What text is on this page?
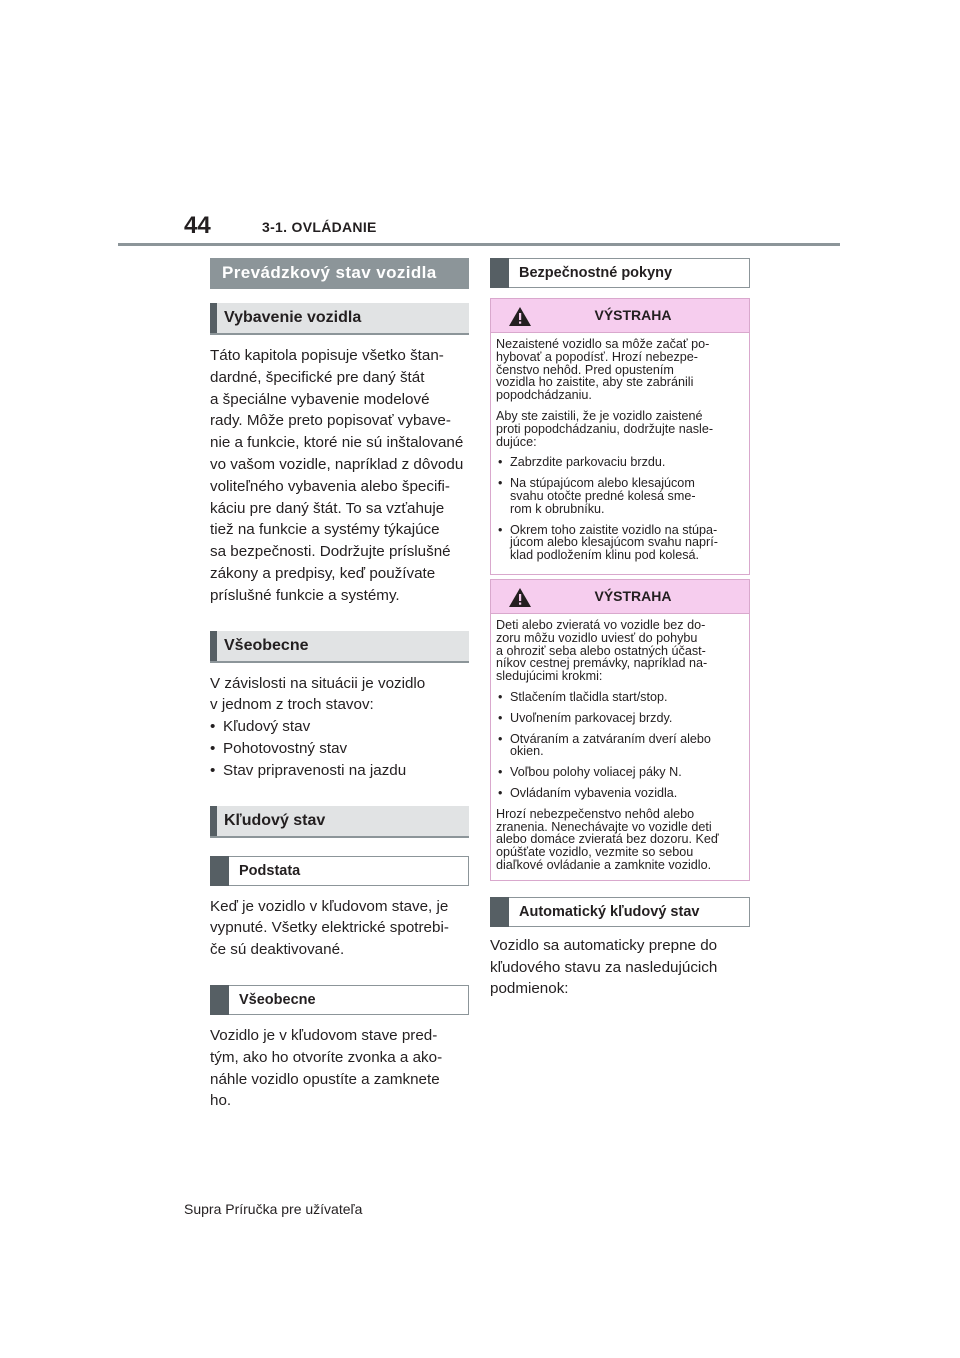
44	3-1. OVLÁDANIE
Prevádzkový stav vozidla
Vybavenie vozidla
Táto kapitola popisuje všetko štan-
dardné, špecifické pre daný štát
a špeciálne vybavenie modelové
rady. Môže preto popisovať vybave-
nie a funkcie, ktoré nie sú inštalované
vo vašom vozidle, napríklad z dôvodu
voliteľného vybavenia alebo špecifi-
káciu pre daný štát. To sa vzťahuje
tiež na funkcie a systémy týkajúce
sa bezpečnosti. Dodržujte príslušné
zákony a predpisy, keď používate
príslušné funkcie a systémy.
Všeobecne
V závislosti na situácii je vozidlo
v jednom z troch stavov:
• Kľudový stav
• Pohotovostný stav
• Stav pripravenosti na jazdu
Kľudový stav
Podstata
Keď je vozidlo v kľudovom stave, je
vypnuté. Všetky elektrické spotrebi-
če sú deaktivované.
Všeobecne
Vozidlo je v kľudovom stave pred-
tým, ako ho otvoríte zvonka a ako-
náhle vozidlo opustíte a zamknete
ho.
Bezpečnostné pokyny
VÝSTRAHA

Nezaistené vozidlo sa môže začať po-
hybovať a popodísť. Hrozí nebezpe-
čenstvo nehôd. Pred opustením
vozidla ho zaistite, aby ste zabránili
popodchádzaniu.

Aby ste zaistili, že je vozidlo zaistené
proti popodchádzaniu, dodržujte nasle-
dujúce:

• Zabrzdite parkovaciu brzdu.
• Na stúpajúcom alebo klesajúcom
svahu otočte predné kolesá sme-
rom k obrubníku.
• Okrem toho zaistite vozidlo na stúpa-
júcom alebo klesajúcom svahu naprí-
klad podložením klinu pod kolesá.
VÝSTRAHA

Deti alebo zvieratá vo vozidle bez do-
zoru môžu vozidlo uviesť do pohybu
a ohroziť seba alebo ostatných účast-
níkov cestnej premávky, napríklad na-
sledujúcimi krokmi:

• Stlačením tlačidla start/stop.
• Uvoľnením parkovacej brzdy.
• Otváraním a zatváraním dverí alebo
okien.
• Voľbou polohy voliacej páky N.
• Ovládaním vybavenia vozidla.

Hrozí nebezpečenstvo nehôd alebo
zranenia. Nenechávajte vo vozidle deti
alebo domáce zvieratá bez dozoru. Keď
opúšťate vozidlo, vezmite so sebou
diaľkové ovládanie a zamknite vozidlo.

Automatický kľudový stav
Vozidlo sa automaticky prepne do
kľudového stavu za nasledujúcich
podmienok:
Supra Príručka pre užívateľa
